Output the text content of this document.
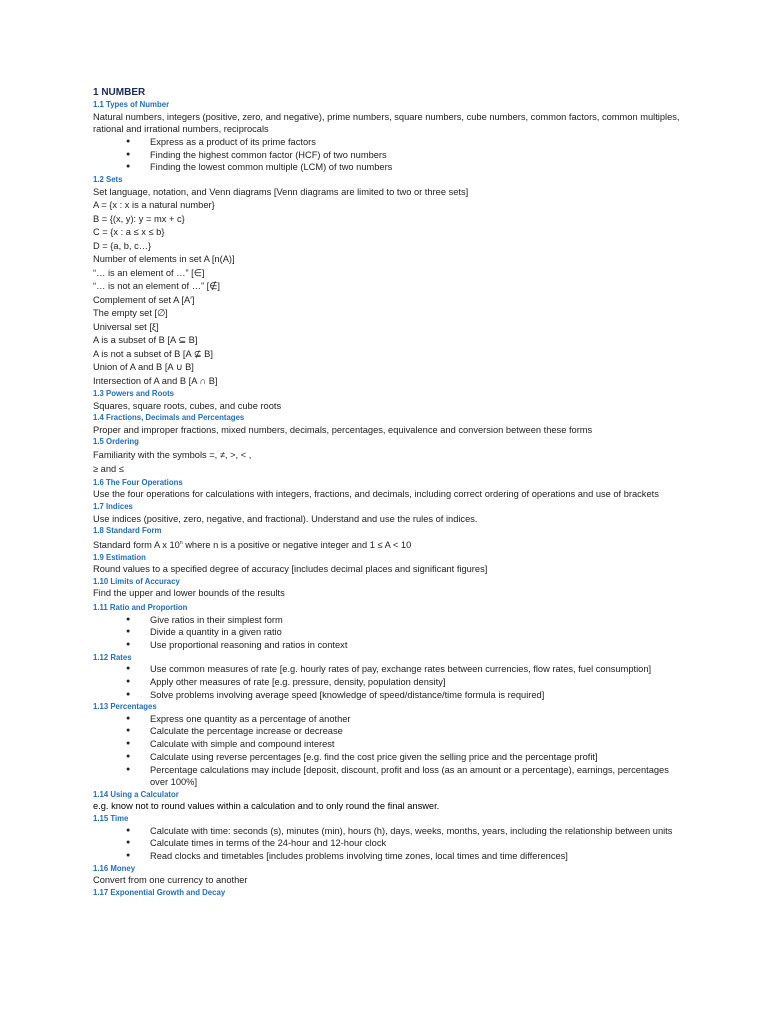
1 NUMBER
1.1 Types of Number
Natural numbers, integers (positive, zero, and negative), prime numbers, square numbers, cube numbers, common factors, common multiples, rational and irrational numbers, reciprocals
● Express as a product of its prime factors
● Finding the highest common factor (HCF) of two numbers
● Finding the lowest common multiple (LCM) of two numbers
1.2 Sets
Set language, notation, and Venn diagrams [Venn diagrams are limited to two or three sets]
A = {x : x is a natural number}
B = {(x, y): y = mx + c}
C = {x : a ≤ x ≤ b}
D = {a, b, c…}
Number of elements in set A [n(A)]
“… is an element of …” [∈]
“… is not an element of …” [∉]
Complement of set A [A′]
The empty set [∅]
Universal set [ξ]
A is a subset of B [A ⊆ B]
A is not a subset of B [A ⊈ B]
Union of A and B [A ∪ B]
Intersection of A and B [A ∩ B]
1.3 Powers and Roots
Squares, square roots, cubes, and cube roots
1.4 Fractions, Decimals and Percentages
Proper and improper fractions, mixed numbers, decimals, percentages, equivalence and conversion between these forms
1.5 Ordering
Familiarity with the symbols =, ≠, >, < ,
≥ and ≤
1.6 The Four Operations
Use the four operations for calculations with integers, fractions, and decimals, including correct ordering of operations and use of brackets
1.7 Indices
Use indices (positive, zero, negative, and fractional). Understand and use the rules of indices.
1.8 Standard Form
Standard form A x 10$^n$ where n is a positive or negative integer and 1 ≤ A < 10
1.9 Estimation
Round values to a specified degree of accuracy [includes decimal places and significant figures]
1.10 Limits of Accuracy
Find the upper and lower bounds of the results
1.11 Ratio and Proportion
● Give ratios in their simplest form
● Divide a quantity in a given ratio
● Use proportional reasoning and ratios in context
1.12 Rates
● Use common measures of rate [e.g. hourly rates of pay, exchange rates between currencies, flow rates, fuel consumption]
● Apply other measures of rate [e.g. pressure, density, population density]
● Solve problems involving average speed [knowledge of speed/distance/time formula is required]
1.13 Percentages
● Express one quantity as a percentage of another
● Calculate the percentage increase or decrease
● Calculate with simple and compound interest
● Calculate using reverse percentages [e.g. find the cost price given the selling price and the percentage profit]
● Percentage calculations may include [deposit, discount, profit and loss (as an amount or a percentage), earnings, percentages over 100%]
1.14 Using a Calculator
e.g. know not to round values within a calculation and to only round the final answer.
1.15 Time
● Calculate with time: seconds (s), minutes (min), hours (h), days, weeks, months, years, including the relationship between units
● Calculate times in terms of the 24-hour and 12-hour clock
● Read clocks and timetables [includes problems involving time zones, local times and time differences]
1.16 Money
Convert from one currency to another
1.17 Exponential Growth and Decay
